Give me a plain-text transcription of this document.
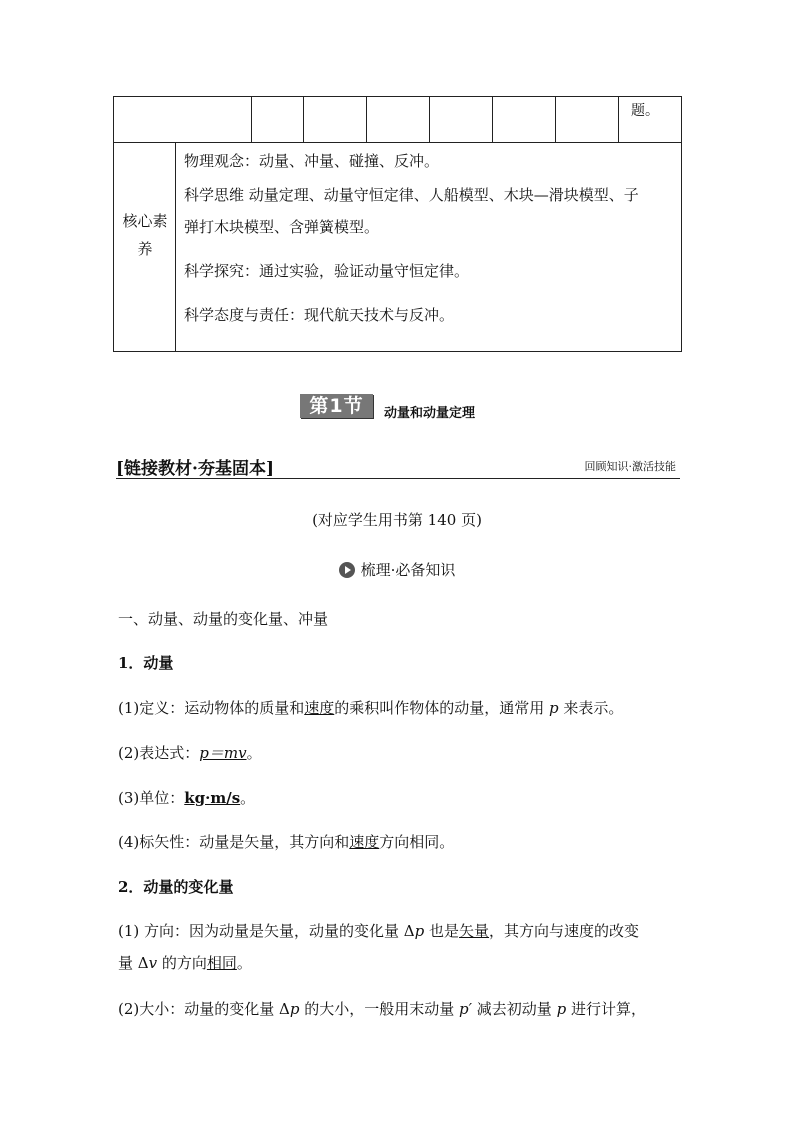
题。
核心素
养
物理观念：动量、冲量、碰撞、反冲。
科学思维 动量定理、动量守恒定律、人船模型、木块—滑块模型、子
弹打木块模型、含弹簧模型。
科学探究：通过实验，验证动量守恒定律。
科学态度与责任：现代航天技术与反冲。
第1节	动量和动量定理
[链接教材·夯基固本]	回顾知识·激活技能
(对应学生用书第 140 页)
梳理·必备知识
一、动量、动量的变化量、冲量
1．动量
(1)定义：运动物体的质量和速度的乘积叫作物体的动量，通常用 p 来表示。
(2)表达式：p＝mv。
(3)单位：kg·m/s。
(4)标矢性：动量是矢量，其方向和速度方向相同。
2．动量的变化量
(1) 方向：因为动量是矢量，动量的变化量 Δp 也是矢量，其方向与速度的改变
量 Δv 的方向相同。
(2)大小：动量的变化量 Δp 的大小，一般用末动量 p′ 减去初动量 p 进行计算，
